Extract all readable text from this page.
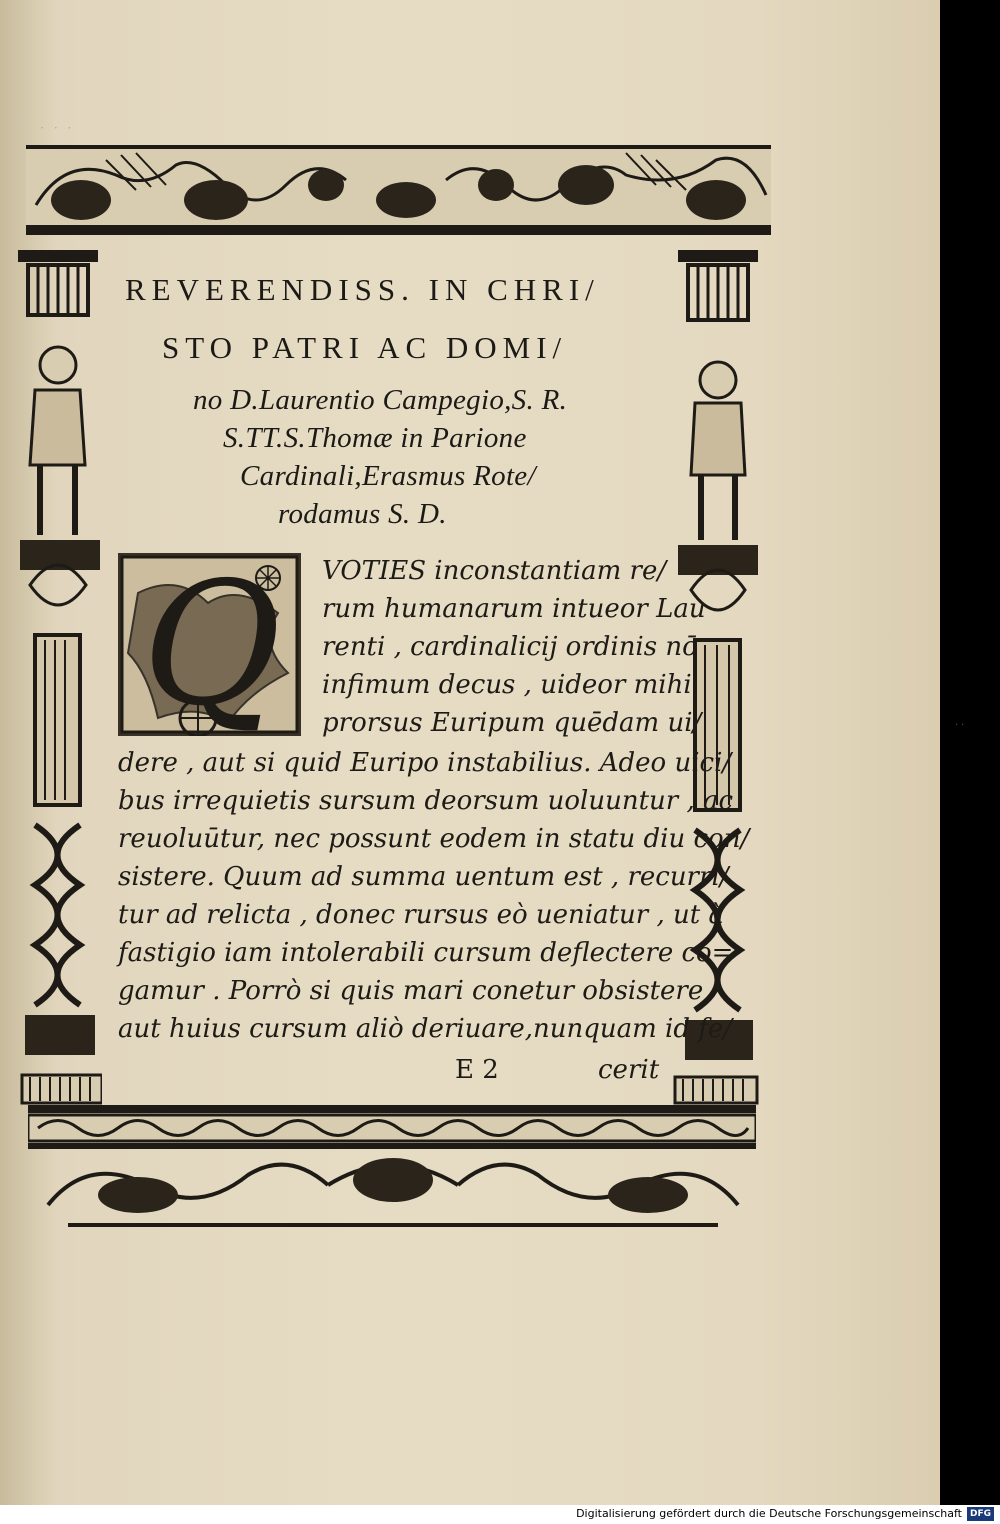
· · ·
REVERENDISS. IN CHRI/
STO PATRI AC DOMI/
no D.Laurentio Campegio,S. R.
S.TT.S.Thomæ in Parione
Cardinali,Erasmus Rote/
rodamus S. D.
Q VOTIES inconstantiam re/
rum humanarum intueor Lau
renti , cardinalicij ordinis nō
infimum decus , uideor mihi
prorsus Euripum quēdam ui/
dere , aut si quid Euripo instabilius. Adeo uici/
bus irrequietis sursum deorsum uoluuntur , ac
reuoluūtur, nec possunt eodem in statu diu con/
sistere. Quum ad summa uentum est , recurri/
tur ad relicta , donec rursus eò ueniatur , ut à
fastigio iam intolerabili cursum deflectere co=
gamur . Porrò si quis mari conetur obsistere,
aut huius cursum aliò deriuare,nunquam id fe/
E 2	cerit
· ·
Digitalisierung gefördert durch die Deutsche Forschungsgemeinschaft DFG
